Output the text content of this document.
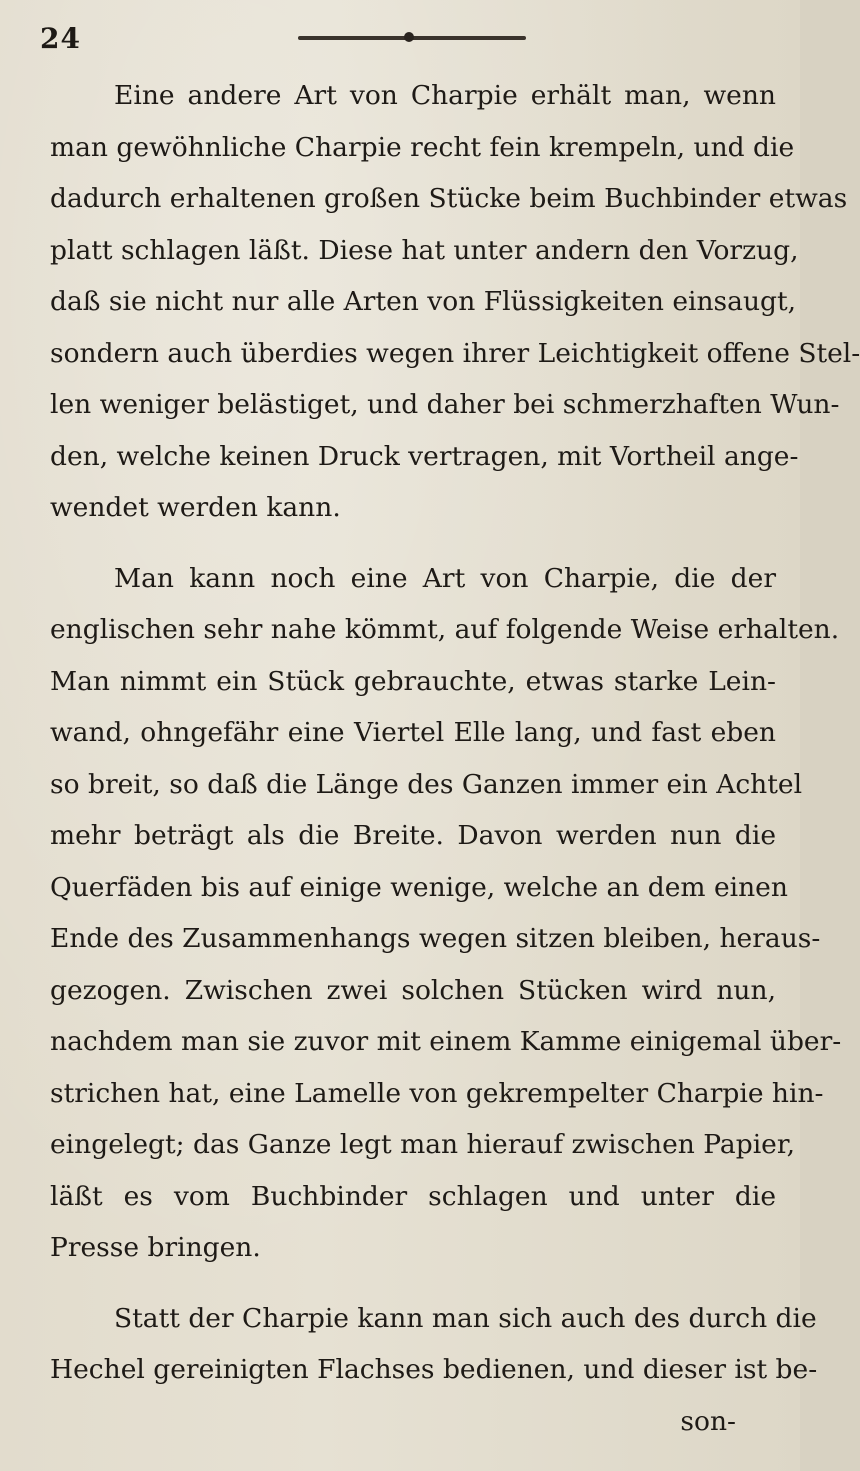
24
Eine andere Art von Charpie erhält man, wenn
man gewöhnliche Charpie recht fein krempeln, und die
dadurch erhaltenen großen Stücke beim Buchbinder etwas
platt schlagen läßt. Diese hat unter andern den Vorzug,
daß sie nicht nur alle Arten von Flüssigkeiten einsaugt,
sondern auch überdies wegen ihrer Leichtigkeit offene Stel-
len weniger belästiget, und daher bei schmerzhaften Wun-
den, welche keinen Druck vertragen, mit Vortheil ange-
wendet werden kann.
Man kann noch eine Art von Charpie, die der
englischen sehr nahe kömmt, auf folgende Weise erhalten.
Man nimmt ein Stück gebrauchte, etwas starke Lein-
wand, ohngefähr eine Viertel Elle lang, und fast eben
so breit, so daß die Länge des Ganzen immer ein Achtel
mehr beträgt als die Breite. Davon werden nun die
Querfäden bis auf einige wenige, welche an dem einen
Ende des Zusammenhangs wegen sitzen bleiben, heraus-
gezogen. Zwischen zwei solchen Stücken wird nun,
nachdem man sie zuvor mit einem Kamme einigemal über-
strichen hat, eine Lamelle von gekrempelter Charpie hin-
eingelegt; das Ganze legt man hierauf zwischen Papier,
läßt es vom Buchbinder schlagen und unter die
Presse bringen.
Statt der Charpie kann man sich auch des durch die
Hechel gereinigten Flachses bedienen, und dieser ist be-
son-
